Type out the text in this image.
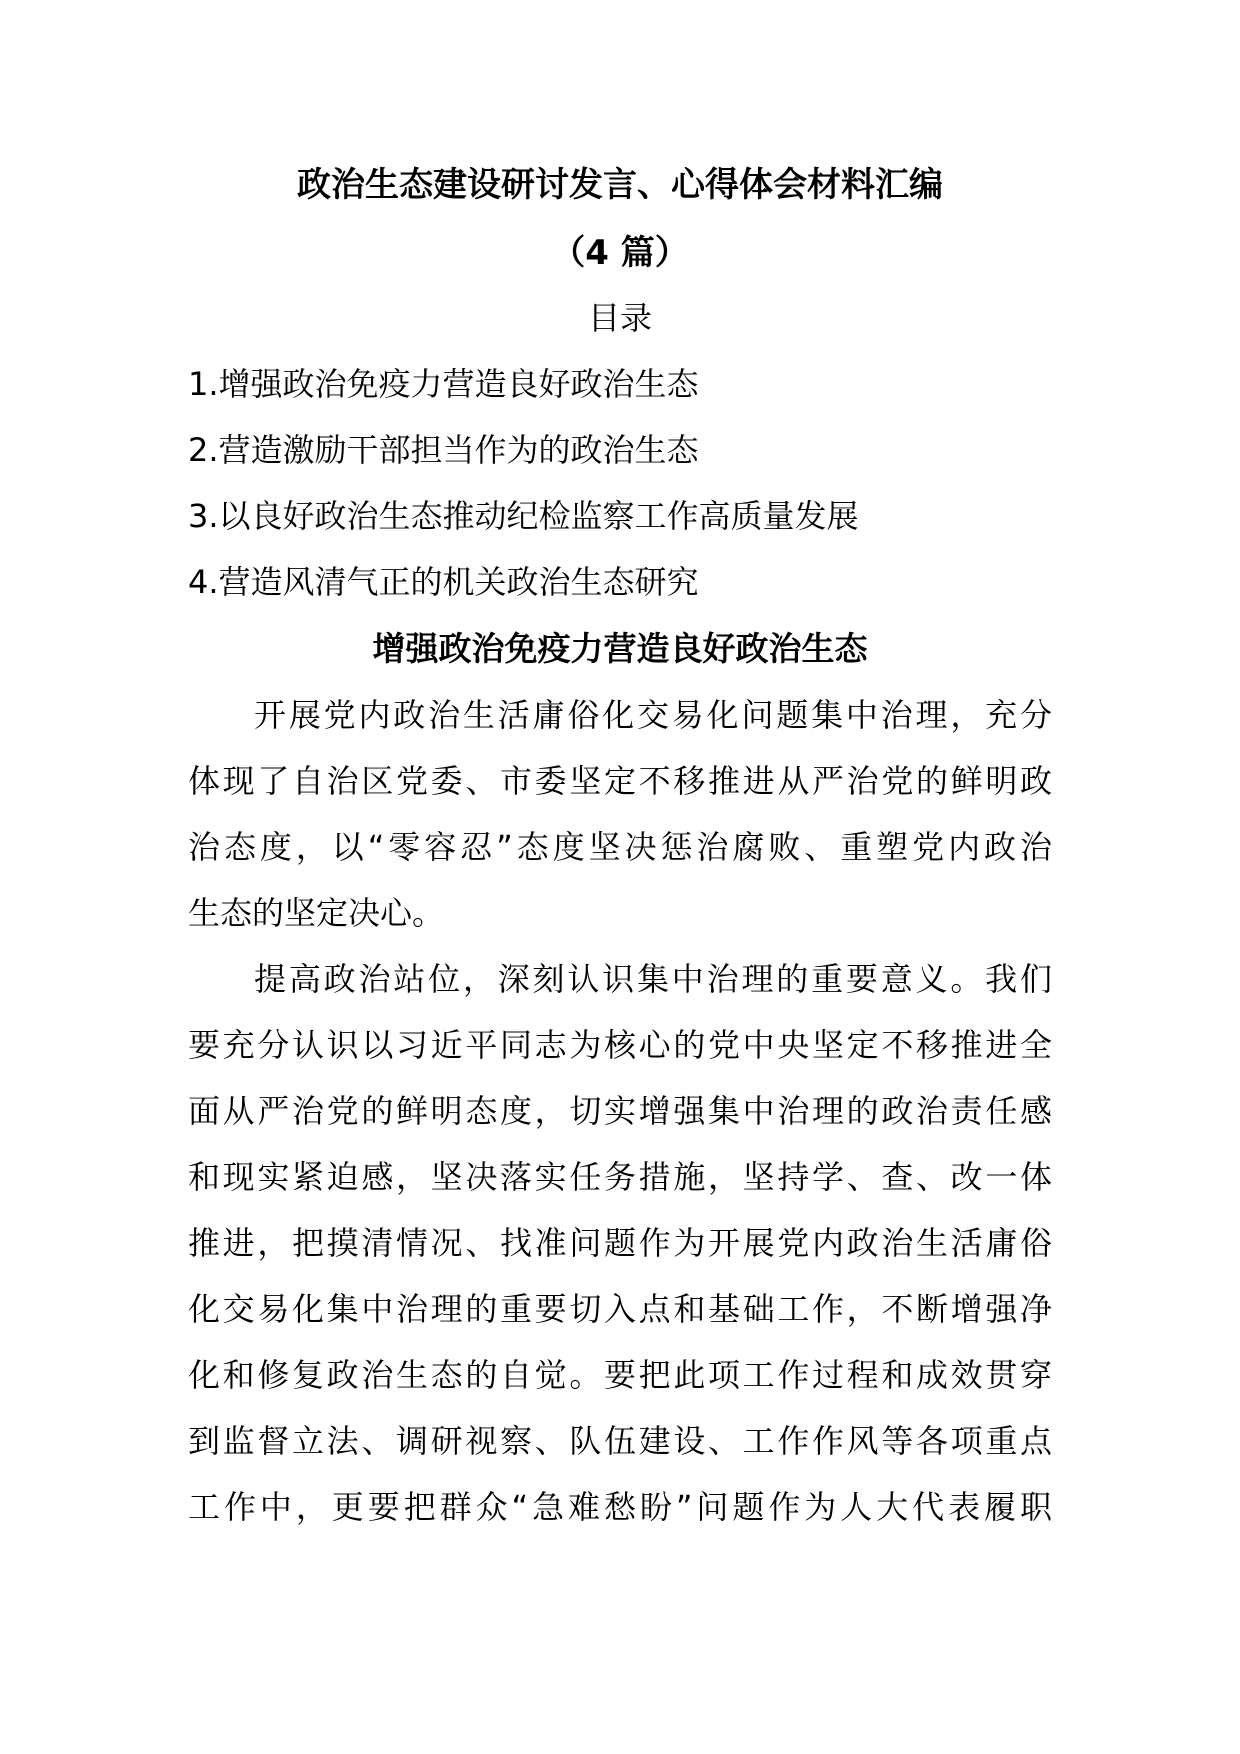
政治生态建设研讨发言、心得体会材料汇编
（4 篇）
目录
1.增强政治免疫力营造良好政治生态
2.营造激励干部担当作为的政治生态
3.以良好政治生态推动纪检监察工作高质量发展
4.营造风清气正的机关政治生态研究
增强政治免疫力营造良好政治生态
开展党内政治生活庸俗化交易化问题集中治理，充分
体现了自治区党委、市委坚定不移推进从严治党的鲜明政
治态度，以“零容忍”态度坚决惩治腐败、重塑党内政治
生态的坚定决心。
提高政治站位，深刻认识集中治理的重要意义。我们
要充分认识以习近平同志为核心的党中央坚定不移推进全
面从严治党的鲜明态度，切实增强集中治理的政治责任感
和现实紧迫感，坚决落实任务措施，坚持学、查、改一体
推进，把摸清情况、找准问题作为开展党内政治生活庸俗
化交易化集中治理的重要切入点和基础工作，不断增强净
化和修复政治生态的自觉。要把此项工作过程和成效贯穿
到监督立法、调研视察、队伍建设、工作作风等各项重点
工作中，更要把群众“急难愁盼”问题作为人大代表履职
